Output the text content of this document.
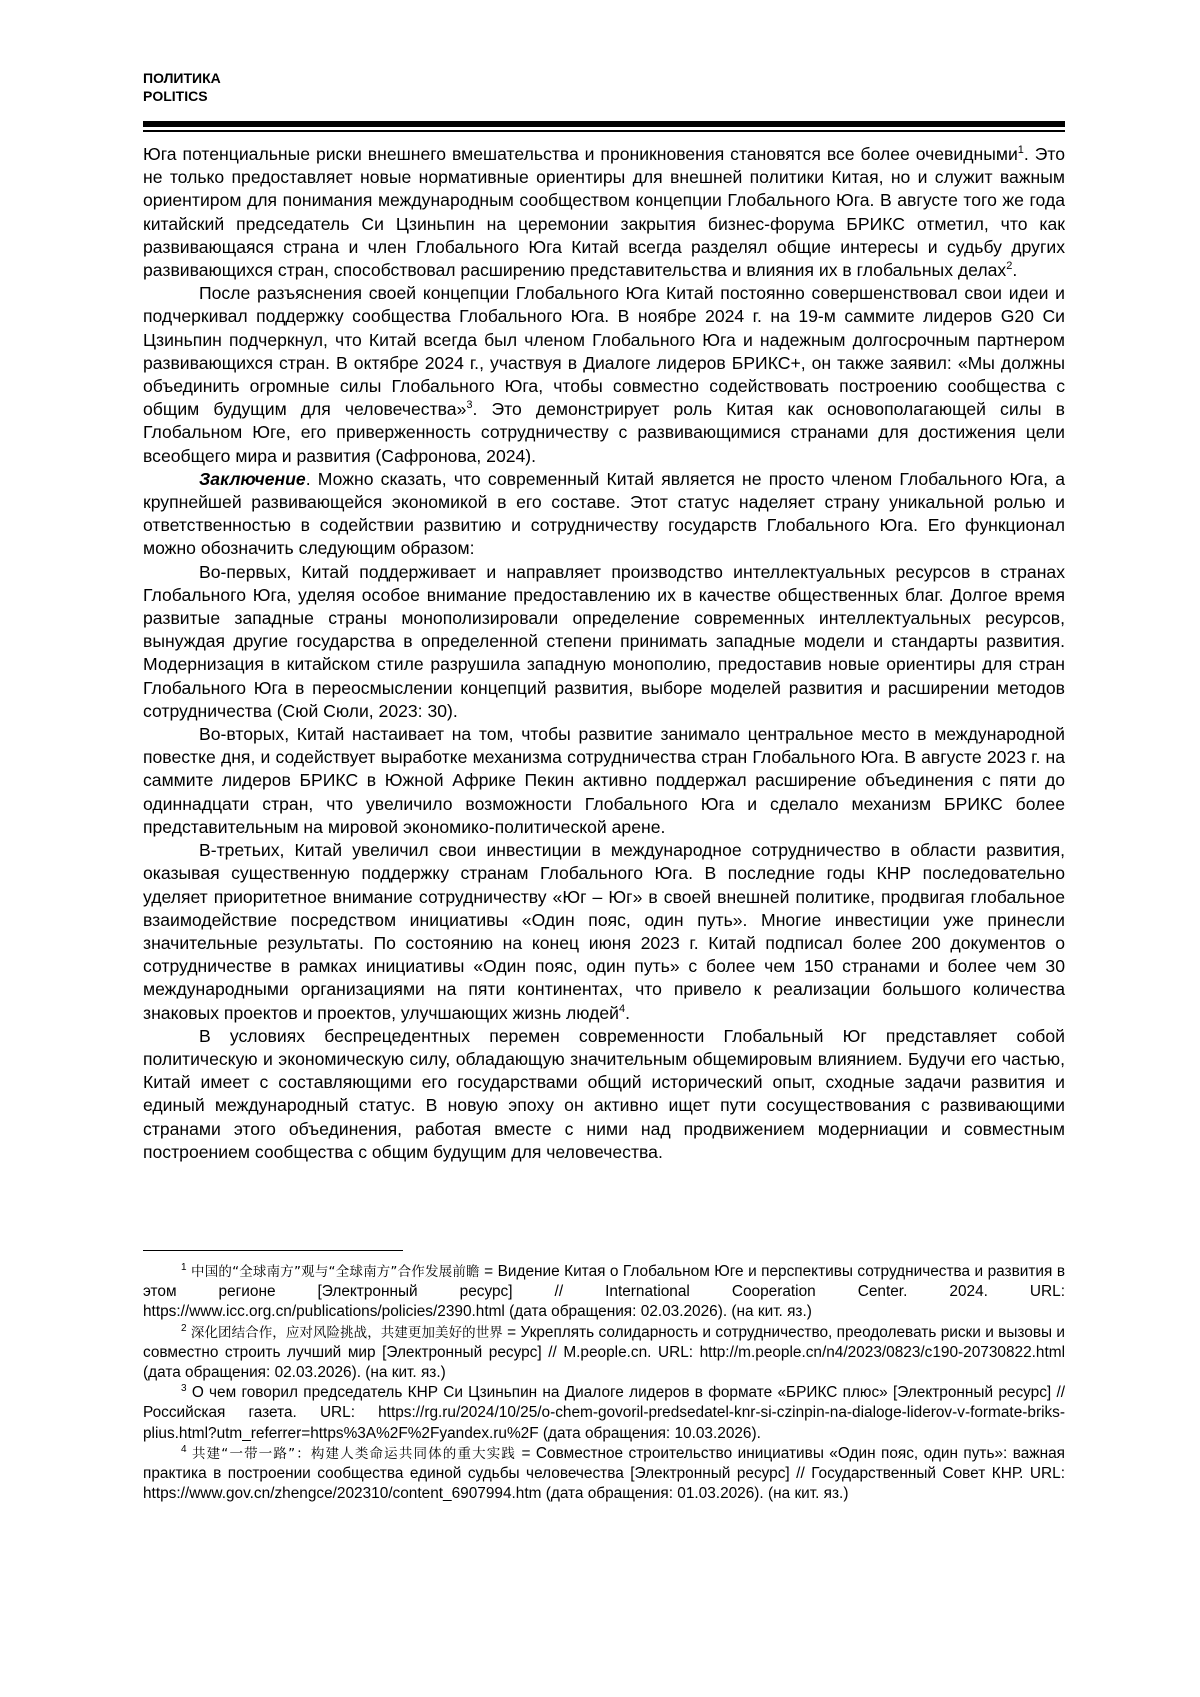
ПОЛИТИКА
POLITICS

Юга потенциальные риски внешнего вмешательства и проникновения становятся все более очевидными$^1$. Это не только предоставляет новые нормативные ориентиры для внешней политики Китая, но и служит важным ориентиром для понимания международным сообществом концепции Глобального Юга. В августе того же года китайский председатель Си Цзиньпин на церемонии закрытия бизнес-форума БРИКС отметил, что как развивающаяся страна и член Глобального Юга Китай всегда разделял общие интересы и судьбу других развивающихся стран, способствовал расширению представительства и влияния их в глобальных делах$^2$.

После разъяснения своей концепции Глобального Юга Китай постоянно совершенствовал свои идеи и подчеркивал поддержку сообщества Глобального Юга. В ноябре 2024 г. на 19-м саммите лидеров G20 Си Цзиньпин подчеркнул, что Китай всегда был членом Глобального Юга и надежным долгосрочным партнером развивающихся стран. В октябре 2024 г., участвуя в Диалоге лидеров БРИКС+, он также заявил: «Мы должны объединить огромные силы Глобального Юга, чтобы совместно содействовать построению сообщества с общим будущим для человечества»$^3$. Это демонстрирует роль Китая как основополагающей силы в Глобальном Юге, его приверженность сотрудничеству с развивающимися странами для достижения цели всеобщего мира и развития (Сафронова, 2024).

Заключение. Можно сказать, что современный Китай является не просто членом Глобального Юга, а крупнейшей развивающейся экономикой в его составе. Этот статус наделяет страну уникальной ролью и ответственностью в содействии развитию и сотрудничеству государств Глобального Юга. Его функционал можно обозначить следующим образом:

Во-первых, Китай поддерживает и направляет производство интеллектуальных ресурсов в странах Глобального Юга, уделяя особое внимание предоставлению их в качестве общественных благ. Долгое время развитые западные страны монополизировали определение современных интеллектуальных ресурсов, вынуждая другие государства в определенной степени принимать западные модели и стандарты развития. Модернизация в китайском стиле разрушила западную монополию, предоставив новые ориентиры для стран Глобального Юга в переосмыслении концепций развития, выборе моделей развития и расширении методов сотрудничества (Сюй Сюли, 2023: 30).

Во-вторых, Китай настаивает на том, чтобы развитие занимало центральное место в международной повестке дня, и содействует выработке механизма сотрудничества стран Глобального Юга. В августе 2023 г. на саммите лидеров БРИКС в Южной Африке Пекин активно поддержал расширение объединения с пяти до одиннадцати стран, что увеличило возможности Глобального Юга и сделало механизм БРИКС более представительным на мировой экономико-политической арене.

В-третьих, Китай увеличил свои инвестиции в международное сотрудничество в области развития, оказывая существенную поддержку странам Глобального Юга. В последние годы КНР последовательно уделяет приоритетное внимание сотрудничеству «Юг – Юг» в своей внешней политике, продвигая глобальное взаимодействие посредством инициативы «Один пояс, один путь». Многие инвестиции уже принесли значительные результаты. По состоянию на конец июня 2023 г. Китай подписал более 200 документов о сотрудничестве в рамках инициативы «Один пояс, один путь» с более чем 150 странами и более чем 30 международными организациями на пяти континентах, что привело к реализации большого количества знаковых проектов и проектов, улучшающих жизнь людей$^4$.

В условиях беспрецедентных перемен современности Глобальный Юг представляет собой политическую и экономическую силу, обладающую значительным общемировым влиянием. Будучи его частью, Китай имеет с составляющими его государствами общий исторический опыт, сходные задачи развития и единый международный статус. В новую эпоху он активно ищет пути сосуществования с развивающими странами этого объединения, работая вместе с ними над продвижением модерниации и совместным построением сообщества с общим будущим для человечества.

$^1$ 中国的“全球南方”观与“全球南方”合作发展前瞻 = Видение Китая о Глобальном Юге и перспективы сотрудничества и развития в этом регионе [Электронный ресурс] // International Cooperation Center. 2024. URL: https://www.icc.org.cn/publications/policies/2390.html (дата обращения: 02.03.2026). (на кит. яз.)

$^2$ 深化团结合作，应对风险挑战，共建更加美好的世界 = Укреплять солидарность и сотрудничество, преодолевать риски и вызовы и совместно строить лучший мир [Электронный ресурс] // M.people.cn. URL: http://m.people.cn/n4/2023/0823/c190-20730822.html (дата обращения: 02.03.2026). (на кит. яз.)

$^3$ О чем говорил председатель КНР Си Цзиньпин на Диалоге лидеров в формате «БРИКС плюс» [Электронный ресурс] // Российская газета. URL: https://rg.ru/2024/10/25/o-chem-govoril-predsedatel-knr-si-czinpin-na-dialoge-liderov-v-formate-briks-plius.html?utm_referrer=https%3A%2F%2Fyandex.ru%2F (дата обращения: 10.03.2026).

$^4$ 共建“一带一路”：构建人类命运共同体的重大实践 = Совместное строительство инициативы «Один пояс, один путь»: важная практика в построении сообщества единой судьбы человечества [Электронный ресурс] // Государственный Совет КНР. URL: https://www.gov.cn/zhengce/202310/content_6907994.htm (дата обращения: 01.03.2026). (на кит. яз.)
